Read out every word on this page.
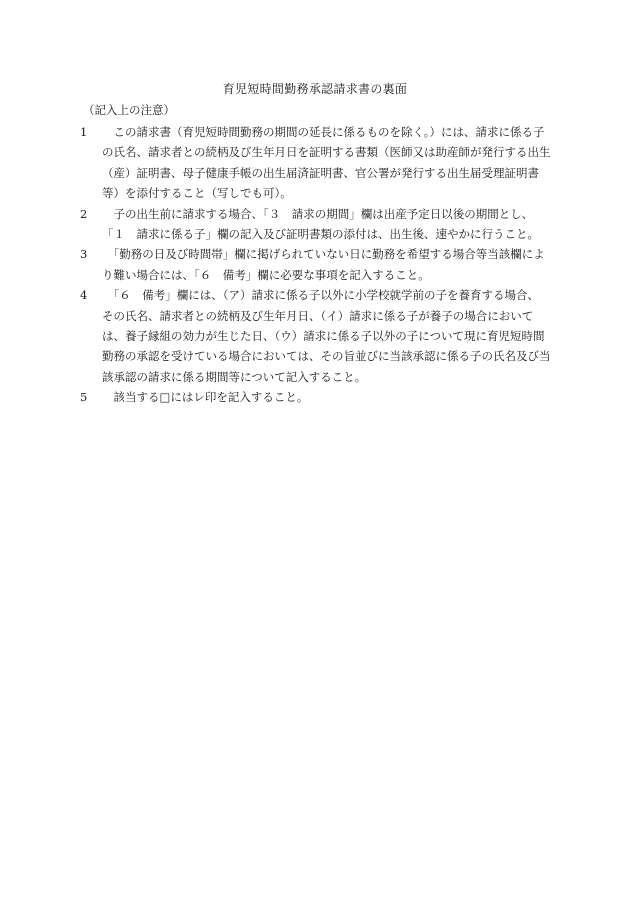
育児短時間勤務承認請求書の裏面
（記入上の注意）
1	　この請求書（育児短時間勤務の期間の延長に係るものを除く。）には、請求に係る子
の氏名、請求者との続柄及び生年月日を証明する書類（医師又は助産師が発行する出生
（産）証明書、母子健康手帳の出生届済証明書、官公署が発行する出生届受理証明書
等）を添付すること（写しでも可）。
2	　子の出生前に請求する場合、「３　請求の期間」欄は出産予定日以後の期間とし、
「１　請求に係る子」欄の記入及び証明書類の添付は、出生後、速やかに行うこと。
3	　「勤務の日及び時間帯」欄に掲げられていない日に勤務を希望する場合等当該欄によ
り難い場合には、「６　備考」欄に必要な事項を記入すること。
4	　「６　備考」欄には、（ア）請求に係る子以外に小学校就学前の子を養育する場合、
その氏名、請求者との続柄及び生年月日、（イ）請求に係る子が養子の場合において
は、養子縁組の効力が生じた日、（ウ）請求に係る子以外の子について現に育児短時間
勤務の承認を受けている場合においては、その旨並びに当該承認に係る子の氏名及び当
該承認の請求に係る期間等について記入すること。
5	　該当する□にはレ印を記入すること。
